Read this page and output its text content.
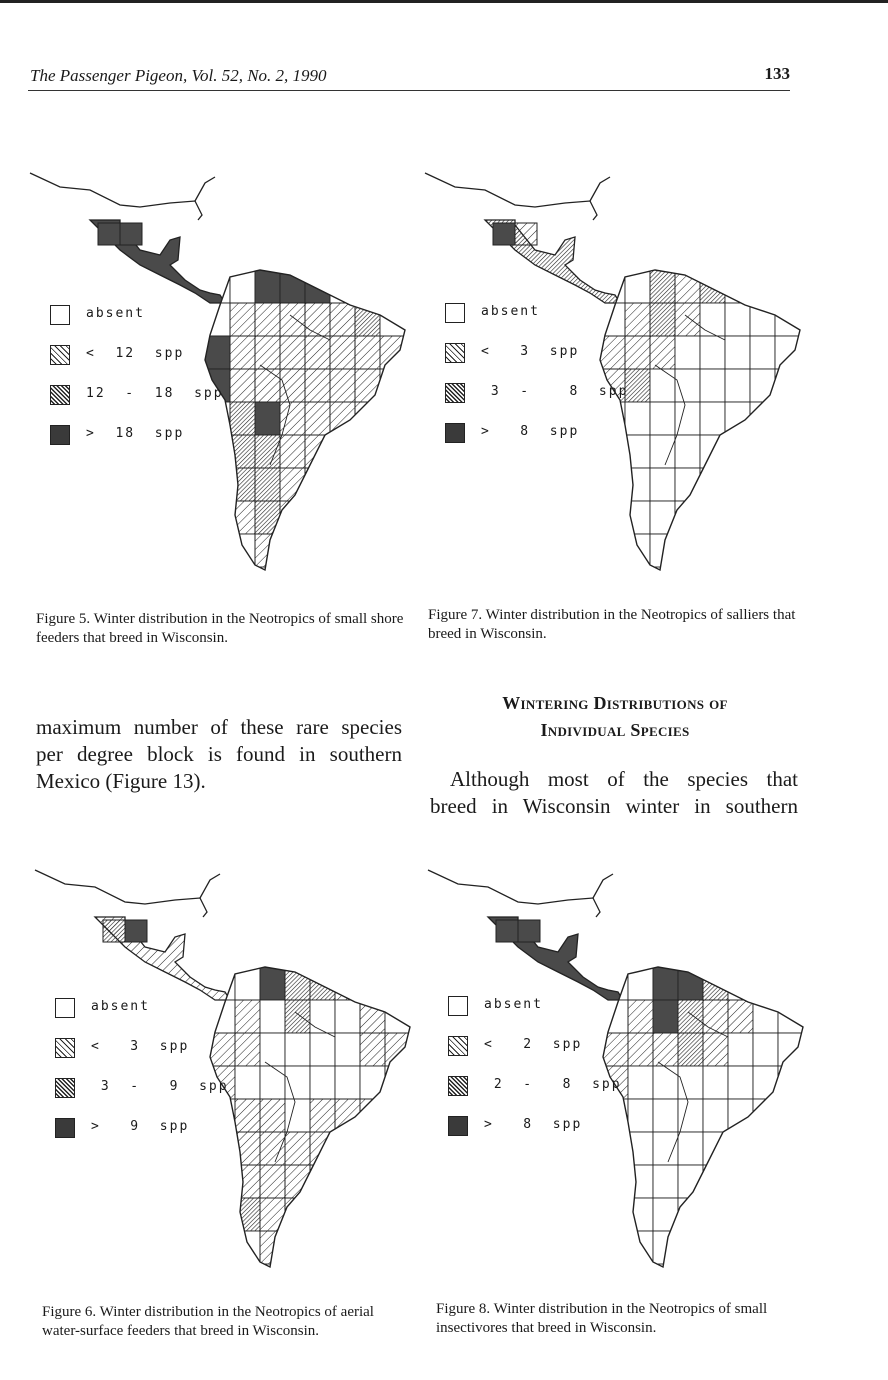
The Passenger Pigeon, Vol. 52, No. 2, 1990	133
absent
<  12  spp
12  -  18  spp
>  18  spp
absent
<   3  spp
3  -    8  spp
>   8  spp
Figure 5. Winter distribution in the Neotropics of small shore feeders that breed in Wisconsin.
Figure 7. Winter distribution in the Neotropics of salliers that breed in Wisconsin.
maximum number of these rare species
per degree block is found in southern
Mexico (Figure 13).
Wintering Distributions of
Individual Species
Although most of the species that
breed in Wisconsin winter in southern
absent
<   3  spp
3  -   9  spp
>   9  spp
absent
<   2  spp
2  -   8  spp
>   8  spp
Figure 6. Winter distribution in the Neotropics of aerial water-surface feeders that breed in Wisconsin.
Figure 8. Winter distribution in the Neotropics of small insectivores that breed in Wisconsin.
